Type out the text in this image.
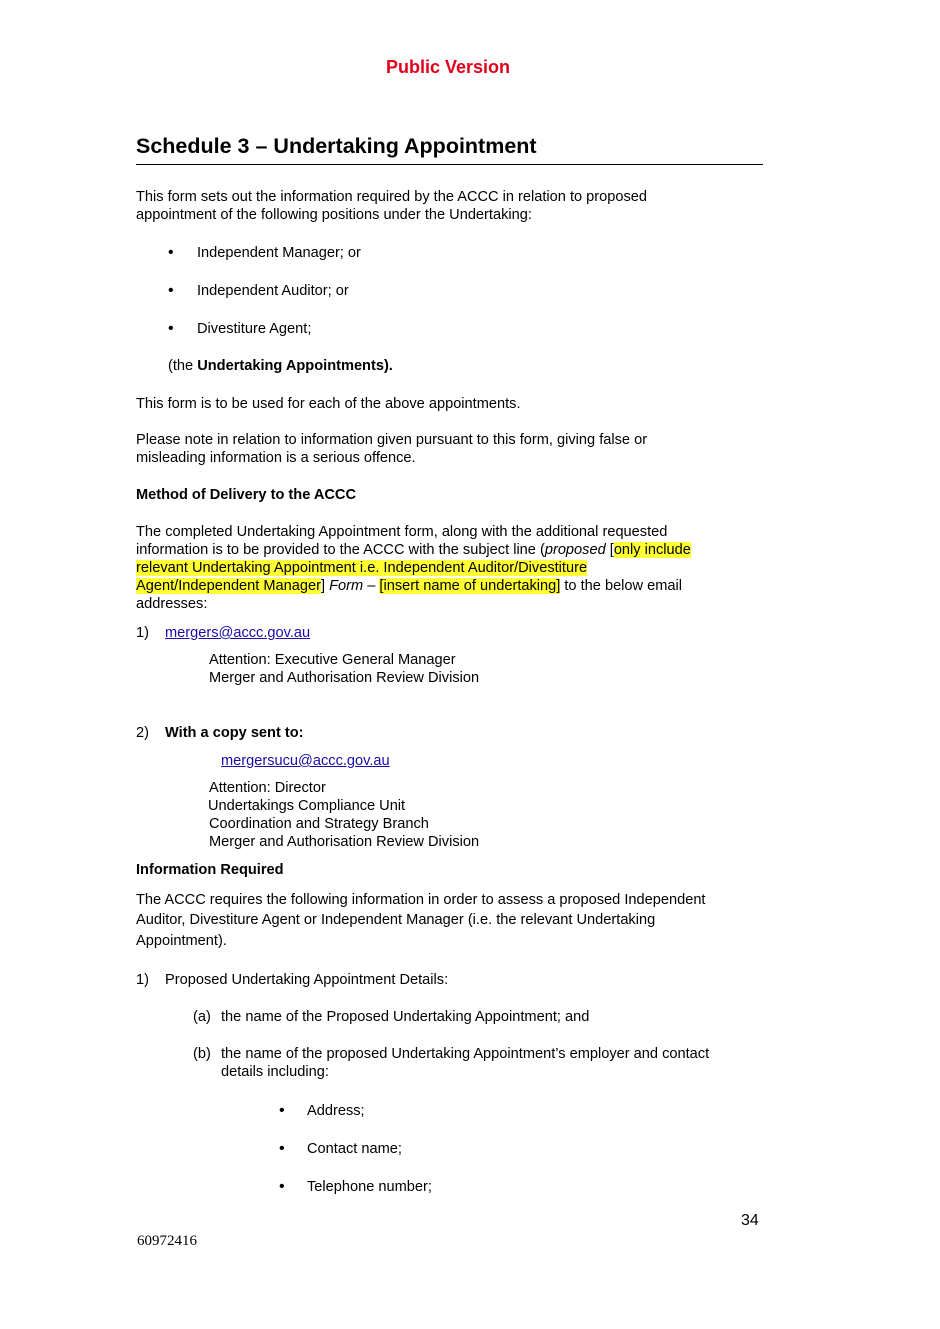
Public Version
Schedule 3 – Undertaking Appointment
This form sets out the information required by the ACCC in relation to proposed
appointment of the following positions under the Undertaking:
• Independent Manager; or
• Independent Auditor; or
• Divestiture Agent;
(the Undertaking Appointments).
This form is to be used for each of the above appointments.
Please note in relation to information given pursuant to this form, giving false or
misleading information is a serious offence.
Method of Delivery to the ACCC
The completed Undertaking Appointment form, along with the additional requested
information is to be provided to the ACCC with the subject line (proposed [only include
relevant Undertaking Appointment i.e. Independent Auditor/Divestiture
Agent/Independent Manager] Form – [insert name of undertaking] to the below email
addresses:
1) mergers@accc.gov.au
Attention: Executive General Manager
Merger and Authorisation Review Division
2) With a copy sent to:
mergersucu@accc.gov.au
Attention: Director
Undertakings Compliance Unit
Coordination and Strategy Branch
Merger and Authorisation Review Division
Information Required
The ACCC requires the following information in order to assess a proposed Independent
Auditor, Divestiture Agent or Independent Manager (i.e. the relevant Undertaking
Appointment).
1) Proposed Undertaking Appointment Details:
(a) the name of the Proposed Undertaking Appointment; and
(b) the name of the proposed Undertaking Appointment’s employer and contact
details including:
• Address;
• Contact name;
• Telephone number;
34
60972416
